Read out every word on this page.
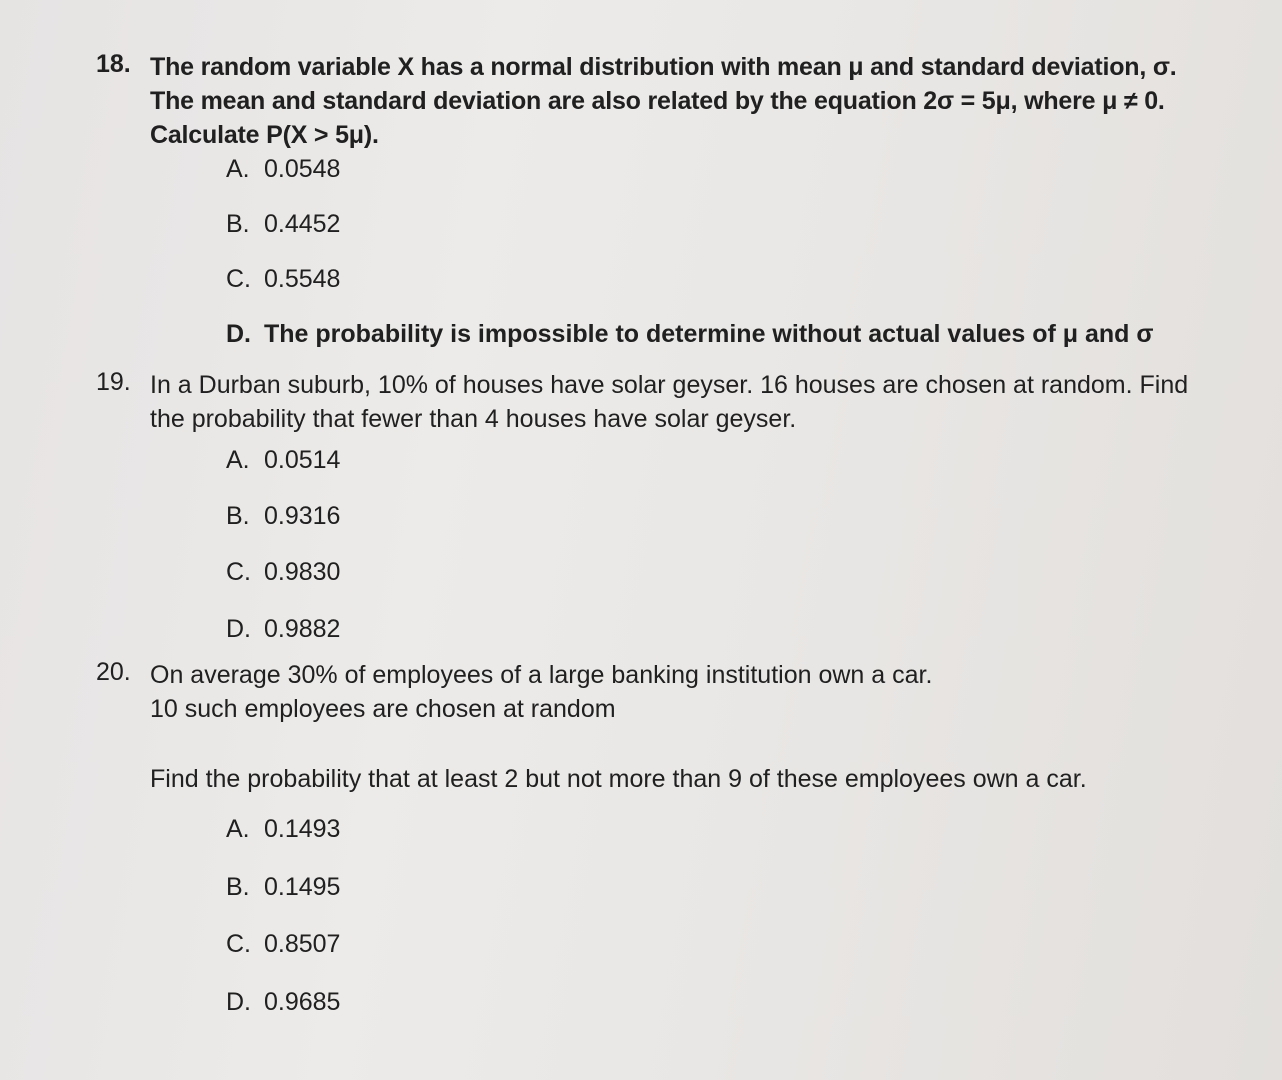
18. The random variable X has a normal distribution with mean μ and standard deviation, σ.

The mean and standard deviation are also related by the equation 2σ = 5μ, where μ ≠ 0.

Calculate P(X > 5μ).

A. 0.0548
B. 0.4452
C. 0.5548
D. The probability is impossible to determine without actual values of μ and σ
19. In a Durban suburb, 10% of houses have solar geyser. 16 houses are chosen at random. Find

the probability that fewer than 4 houses have solar geyser.

A. 0.0514
B. 0.9316
C. 0.9830
D. 0.9882
20. On average 30% of employees of a large banking institution own a car.

10 such employees are chosen at random

Find the probability that at least 2 but not more than 9 of these employees own a car.

A. 0.1493
B. 0.1495
C. 0.8507
D. 0.9685
